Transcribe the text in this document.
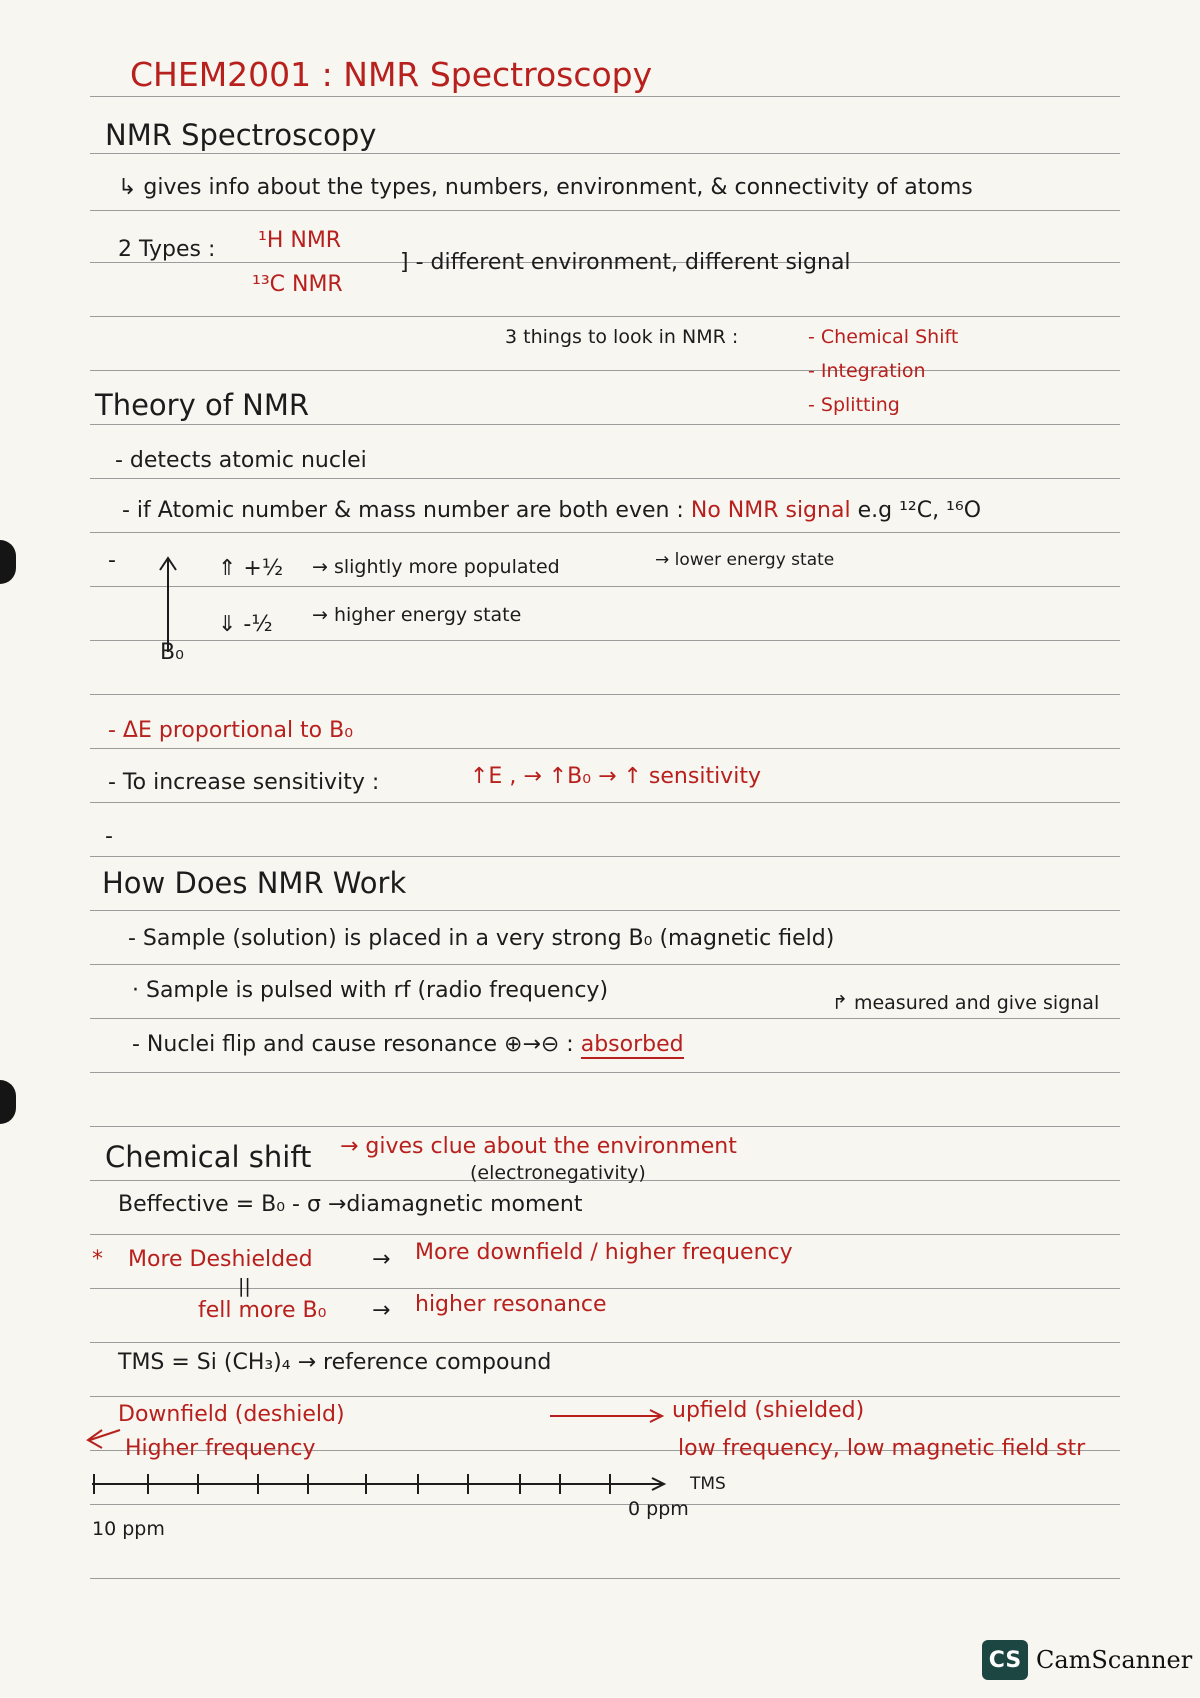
CHEM2001 : NMR Spectroscopy
NMR Spectroscopy
↳ gives info about the types, numbers, environment, & connectivity of atoms
2 Types : ¹H NMR
¹³C NMR
] - different environment, different signal
3 things to look in NMR :	- Chemical Shift
- Integration
- Splitting
Theory of NMR
- detects atomic nuclei
- if Atomic number & mass number are both even : No NMR signal e.g ¹²C, ¹⁶O
-	⇑ +½ → slightly more populated	→ lower energy state
⇓ -½ → higher energy state
B₀
- ΔE proportional to B₀
- To increase sensitivity :	↑E , → ↑B₀ → ↑ sensitivity
-
How Does NMR Work
- Sample (solution) is placed in a very strong B₀ (magnetic field)
· Sample is pulsed with rf (radio frequency)	↱ measured and give signal
- Nuclei flip and cause resonance ⊕→⊖ : absorbed
Chemical shift → gives clue about the environment
(electronegativity)
Beffective = B₀ - σ →diamagnetic moment
* More Deshielded	→ More downfield / higher frequency
||
fell more B₀ → higher resonance
TMS = Si (CH₃)₄ → reference compound
Downfield (deshield)
Higher frequency
upfield (shielded)
low frequency, low magnetic field str
TMS
10 ppm
0 ppm
CS CamScanner
